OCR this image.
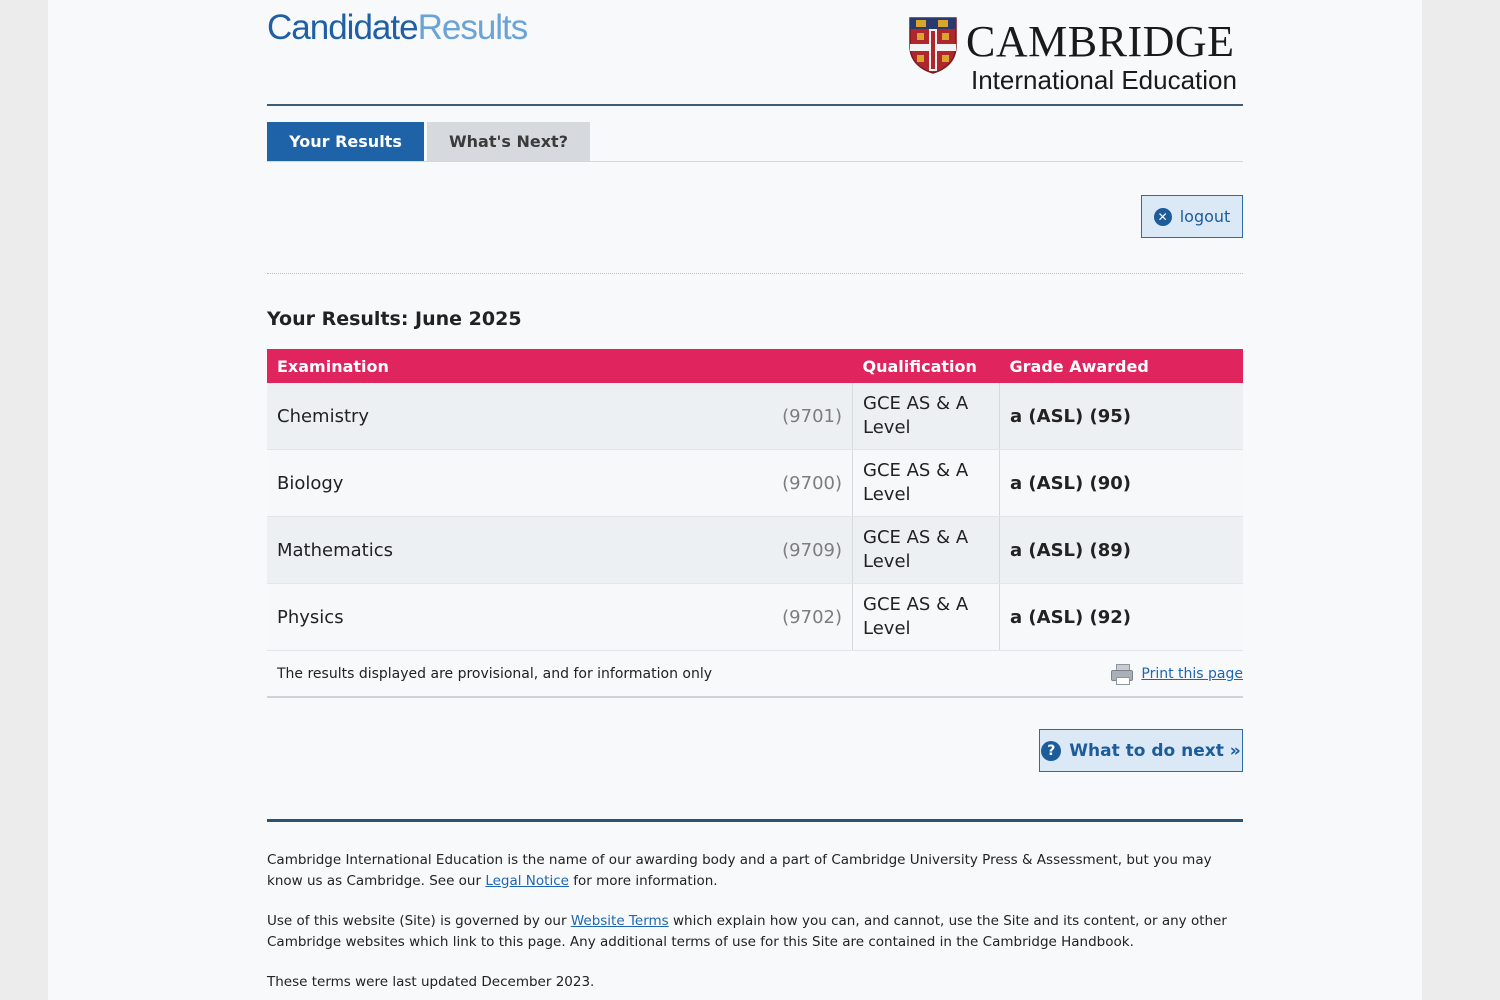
CandidateResults	CAMBRIDGE
International Education
Your Results	What's Next?
✕ logout
Your Results: June 2025
Examination	Qualification	Grade Awarded

Chemistry (9701)	GCE AS & A Level	a (ASL) (95)

Biology (9700)	GCE AS & A Level	a (ASL) (90)

Mathematics (9709)	GCE AS & A Level	a (ASL) (89)

Physics (9702)	GCE AS & A Level	a (ASL) (92)
The results displayed are provisional, and for information only	Print this page
? What to do next »
Cambridge International Education is the name of our awarding body and a part of Cambridge University Press & Assessment, but you may know us as Cambridge. See our Legal Notice for more information.
Use of this website (Site) is governed by our Website Terms which explain how you can, and cannot, use the Site and its content, or any other Cambridge websites which link to this page. Any additional terms of use for this Site are contained in the Cambridge Handbook.
These terms were last updated December 2023.
